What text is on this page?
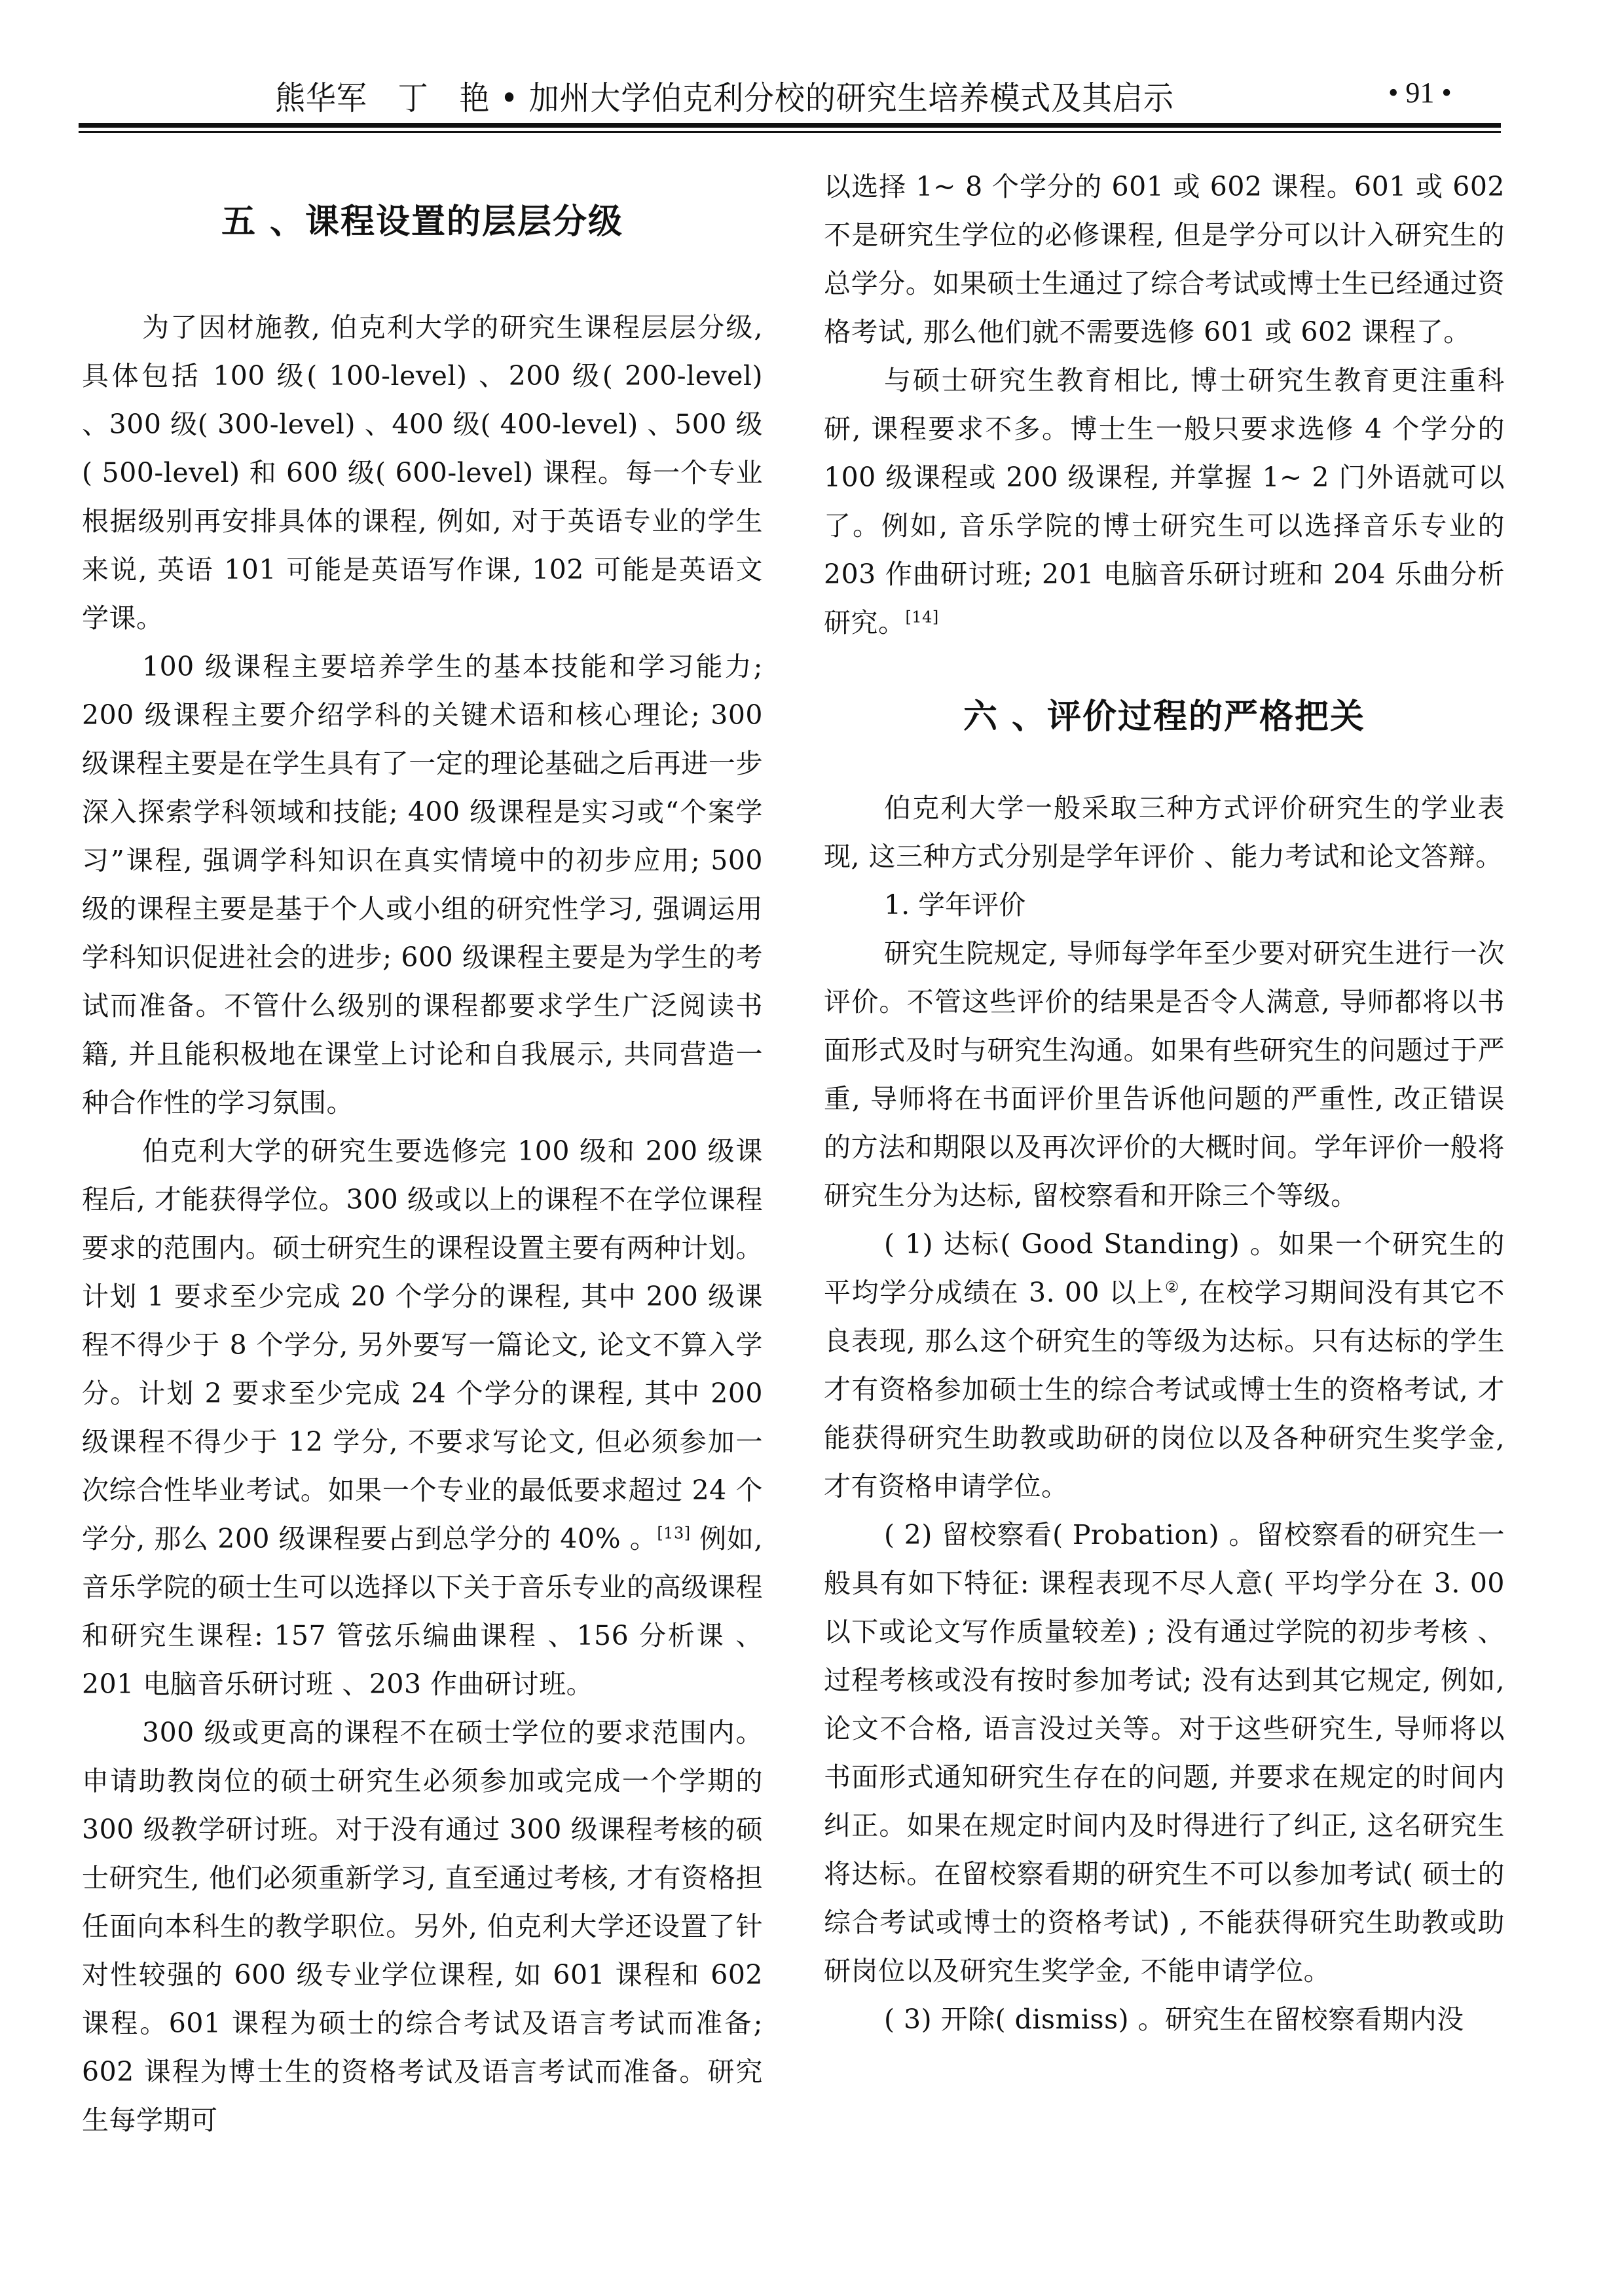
熊华军　丁　艳 • 加州大学伯克利分校的研究生培养模式及其启示	• 91 •
五 、课程设置的层层分级

为了因材施教, 伯克利大学的研究生课程层层分级, 具体包括 100 级( 100-level) 、200 级( 200-level) 、300 级( 300-level) 、400 级( 400-level) 、500 级( 500-level) 和 600 级( 600-level) 课程。每一个专业根据级别再安排具体的课程, 例如, 对于英语专业的学生来说, 英语 101 可能是英语写作课, 102 可能是英语文学课。

100 级课程主要培养学生的基本技能和学习能力; 200 级课程主要介绍学科的关键术语和核心理论; 300 级课程主要是在学生具有了一定的理论基础之后再进一步深入探索学科领域和技能; 400 级课程是实习或“个案学习”课程, 强调学科知识在真实情境中的初步应用; 500 级的课程主要是基于个人或小组的研究性学习, 强调运用学科知识促进社会的进步; 600 级课程主要是为学生的考试而准备。不管什么级别的课程都要求学生广泛阅读书籍, 并且能积极地在课堂上讨论和自我展示, 共同营造一种合作性的学习氛围。

伯克利大学的研究生要选修完 100 级和 200 级课程后, 才能获得学位。300 级或以上的课程不在学位课程要求的范围内。硕士研究生的课程设置主要有两种计划。计划 1 要求至少完成 20 个学分的课程, 其中 200 级课程不得少于 8 个学分, 另外要写一篇论文, 论文不算入学分。计划 2 要求至少完成 24 个学分的课程, 其中 200 级课程不得少于 12 学分, 不要求写论文, 但必须参加一次综合性毕业考试。如果一个专业的最低要求超过 24 个学分, 那么 200 级课程要占到总学分的 40% 。[13] 例如, 音乐学院的硕士生可以选择以下关于音乐专业的高级课程和研究生课程: 157 管弦乐编曲课程 、156 分析课 、201 电脑音乐研讨班 、203 作曲研讨班。

300 级或更高的课程不在硕士学位的要求范围内。申请助教岗位的硕士研究生必须参加或完成一个学期的 300 级教学研讨班。对于没有通过 300 级课程考核的硕士研究生, 他们必须重新学习, 直至通过考核, 才有资格担任面向本科生的教学职位。另外, 伯克利大学还设置了针对性较强的 600 级专业学位课程, 如 601 课程和 602 课程。601 课程为硕士的综合考试及语言考试而准备; 602 课程为博士生的资格考试及语言考试而准备。研究生每学期可

以选择 1~ 8 个学分的 601 或 602 课程。601 或 602 不是研究生学位的必修课程, 但是学分可以计入研究生的总学分。如果硕士生通过了综合考试或博士生已经通过资格考试, 那么他们就不需要选修 601 或 602 课程了。

与硕士研究生教育相比, 博士研究生教育更注重科研, 课程要求不多。博士生一般只要求选修 4 个学分的 100 级课程或 200 级课程, 并掌握 1~ 2 门外语就可以了。例如, 音乐学院的博士研究生可以选择音乐专业的 203 作曲研讨班; 201 电脑音乐研讨班和 204 乐曲分析研究。[14]

六 、评价过程的严格把关

伯克利大学一般采取三种方式评价研究生的学业表现, 这三种方式分别是学年评价 、能力考试和论文答辩。

1. 学年评价

研究生院规定, 导师每学年至少要对研究生进行一次评价。不管这些评价的结果是否令人满意, 导师都将以书面形式及时与研究生沟通。如果有些研究生的问题过于严重, 导师将在书面评价里告诉他问题的严重性, 改正错误的方法和期限以及再次评价的大概时间。学年评价一般将研究生分为达标, 留校察看和开除三个等级。

( 1) 达标( Good Standing) 。如果一个研究生的平均学分成绩在 3. 00 以上②, 在校学习期间没有其它不良表现, 那么这个研究生的等级为达标。只有达标的学生才有资格参加硕士生的综合考试或博士生的资格考试, 才能获得研究生助教或助研的岗位以及各种研究生奖学金, 才有资格申请学位。

( 2) 留校察看( Probation) 。留校察看的研究生一般具有如下特征: 课程表现不尽人意( 平均学分在 3. 00 以下或论文写作质量较差) ; 没有通过学院的初步考核 、过程考核或没有按时参加考试; 没有达到其它规定, 例如, 论文不合格, 语言没过关等。对于这些研究生, 导师将以书面形式通知研究生存在的问题, 并要求在规定的时间内纠正。如果在规定时间内及时得进行了纠正, 这名研究生将达标。在留校察看期的研究生不可以参加考试( 硕士的综合考试或博士的资格考试) , 不能获得研究生助教或助研岗位以及研究生奖学金, 不能申请学位。

( 3) 开除( dismiss) 。研究生在留校察看期内没
